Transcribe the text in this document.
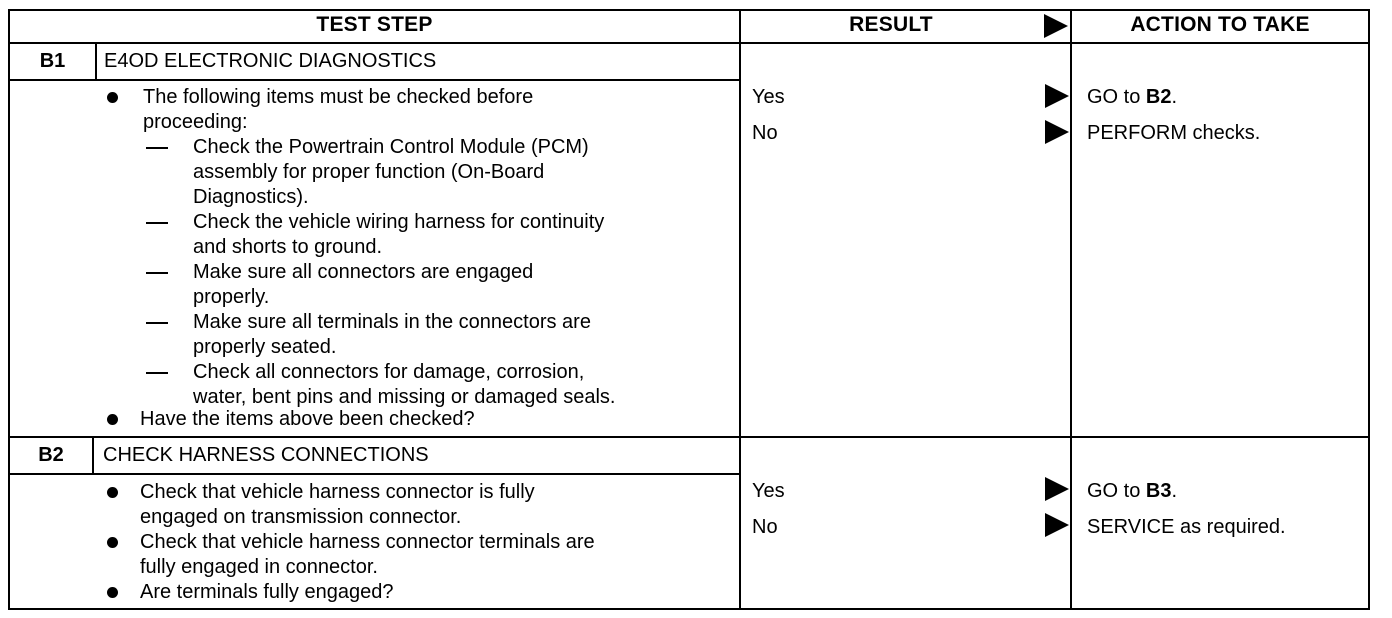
TEST STEP	RESULT	ACTION TO TAKE
B1	E4OD ELECTRONIC DIAGNOSTICS
The following items must be checked before
proceeding:
Check the Powertrain Control Module (PCM)
assembly for proper function (On-Board
Diagnostics).
Check the vehicle wiring harness for continuity
and shorts to ground.
Make sure all connectors are engaged
properly.
Make sure all terminals in the connectors are
properly seated.
Check all connectors for damage, corrosion,
water, bent pins and missing or damaged seals.
Have the items above been checked?
Yes	GO to B2.
No	PERFORM checks.
B2	CHECK HARNESS CONNECTIONS
Check that vehicle harness connector is fully
engaged on transmission connector.
Check that vehicle harness connector terminals are
fully engaged in connector.
Are terminals fully engaged?
Yes	GO to B3.
No	SERVICE as required.
